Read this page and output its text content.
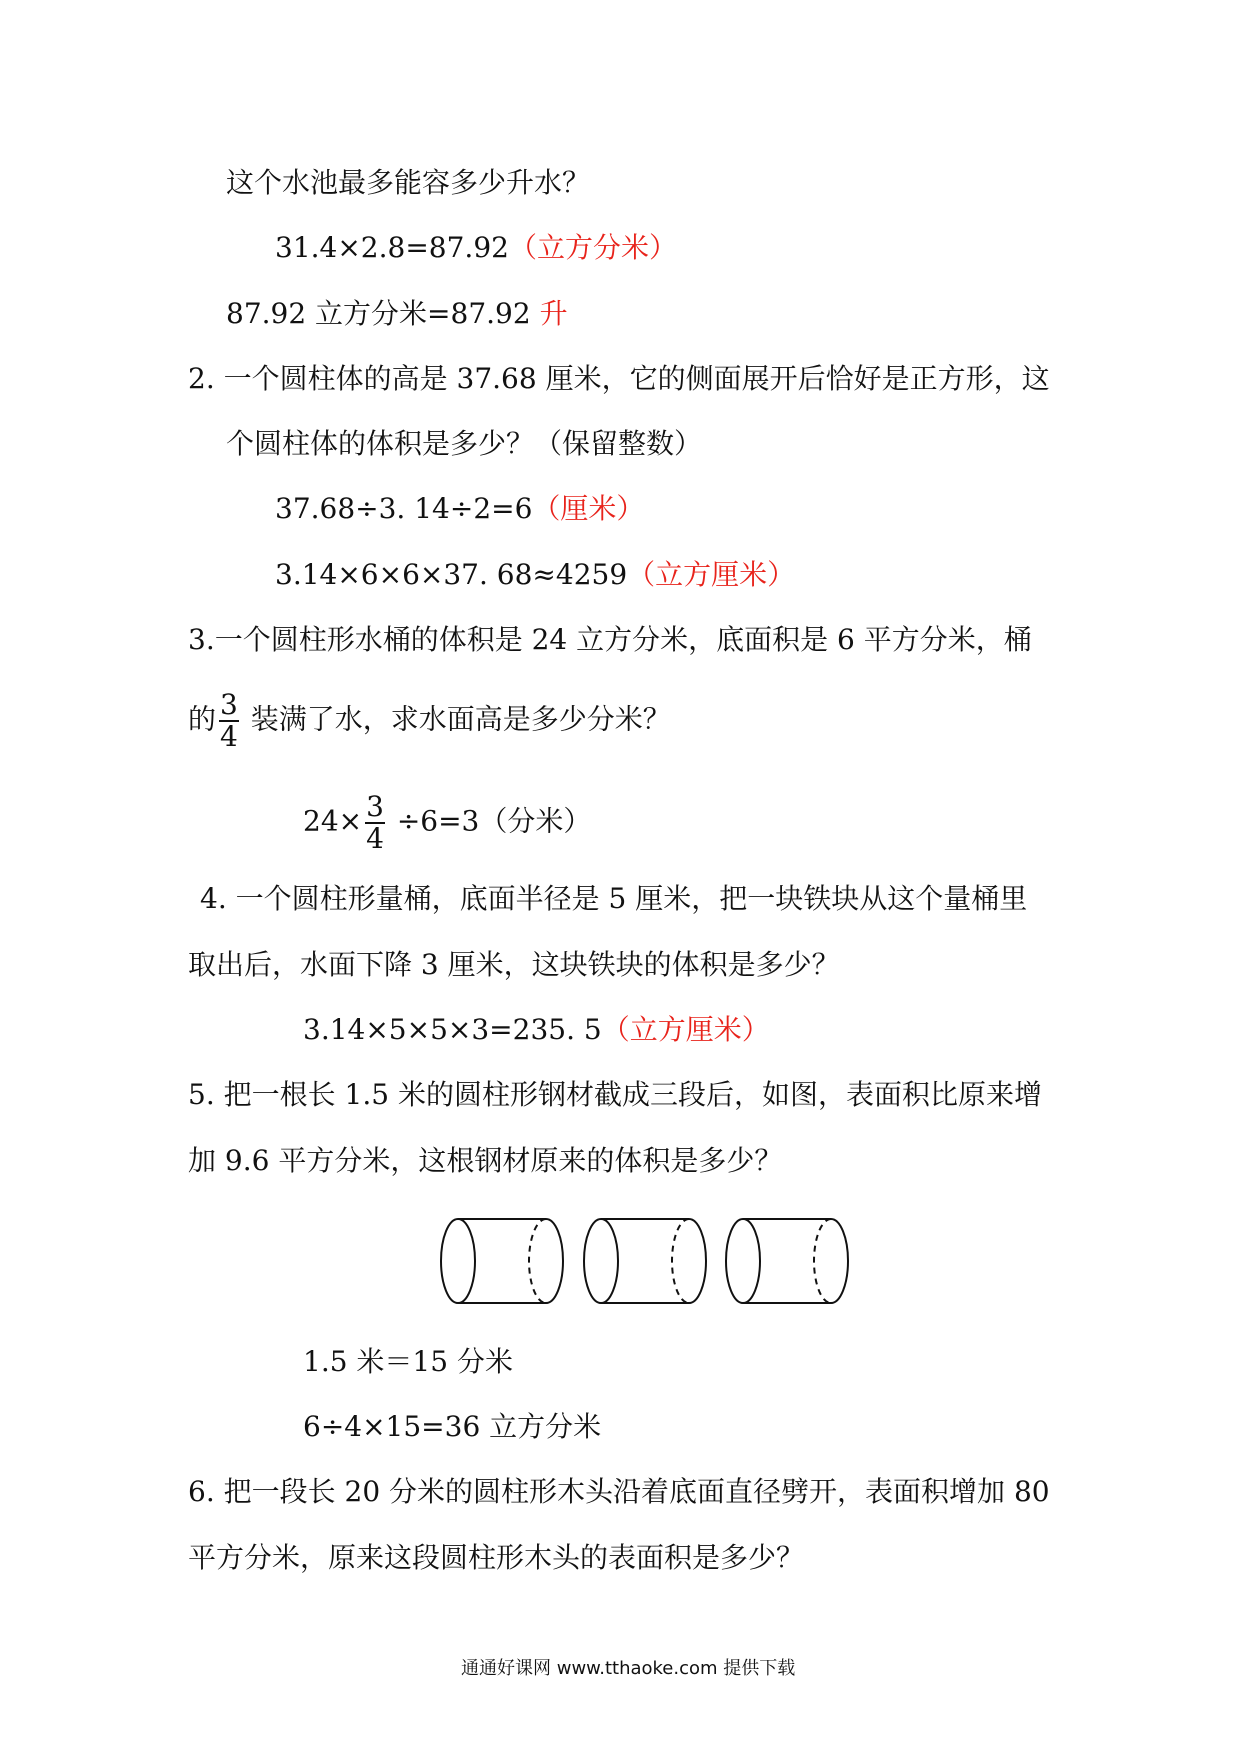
这个水池最多能容多少升水？
31.4×2.8=87.92（立方分米）
87.92 立方分米=87.92 升
2. 一个圆柱体的高是 37.68 厘米，它的侧面展开后恰好是正方形，这
个圆柱体的体积是多少？（保留整数）
37.68÷3. 14÷2=6（厘米）
3.14×6×6×37. 68≈4259（立方厘米）
3.一个圆柱形水桶的体积是 24 立方分米，底面积是 6 平方分米，桶
的 $\frac{3}{4}$ 装满了水，求水面高是多少分米？
$24\times \frac{3}{4} \div 6=3$（分米）
4. 一个圆柱形量桶，底面半径是 5 厘米，把一块铁块从这个量桶里
取出后，水面下降 3 厘米，这块铁块的体积是多少？
3.14×5×5×3=235. 5（立方厘米）
5. 把一根长 1.5 米的圆柱形钢材截成三段后，如图，表面积比原来增
加 9.6 平方分米，这根钢材原来的体积是多少？
1.5 米＝15 分米
6÷4×15=36 立方分米
6. 把一段长 20 分米的圆柱形木头沿着底面直径劈开，表面积增加 80
平方分米，原来这段圆柱形木头的表面积是多少？
通通好课网 www.tthaoke.com 提供下载
